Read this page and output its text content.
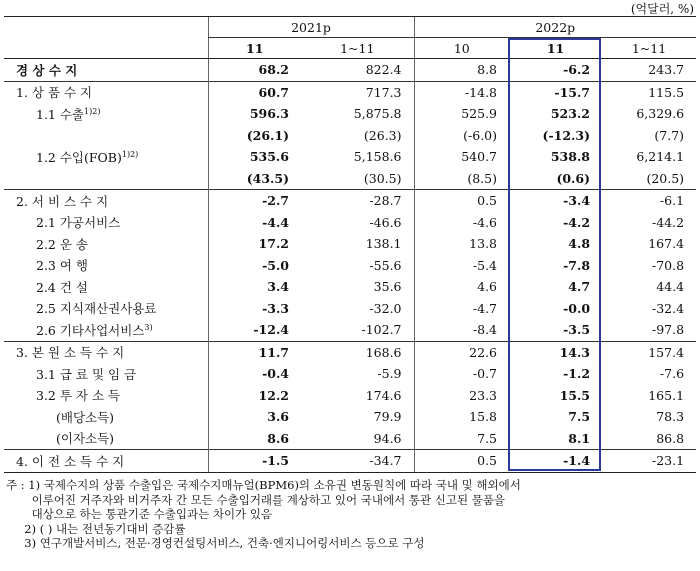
(억달러, %)
	2021p		2022p		
	11	1~11	10	11	1~11
경 상 수 지	68.2	822.4	8.8	-6.2	243.7
1. 상 품 수 지	60.7	717.3	-14.8	-15.7	115.5
1.1 수출$^{1)2)}$	596.3	5,875.8	525.9	523.2	6,329.6
	(26.1)	(26.3)	(-6.0)	(-12.3)	(7.7)
1.2 수입(FOB)$^{1)2)}$	535.6	5,158.6	540.7	538.8	6,214.1
	(43.5)	(30.5)	(8.5)	(0.6)	(20.5)
2. 서 비 스 수 지	-2.7	-28.7	0.5	-3.4	-6.1
2.1 가공서비스	-4.4	-46.6	-4.6	-4.2	-44.2
2.2 운 송	17.2	138.1	13.8	4.8	167.4
2.3 여 행	-5.0	-55.6	-5.4	-7.8	-70.8
2.4 건 설	3.4	35.6	4.6	4.7	44.4
2.5 지식재산권사용료	-3.3	-32.0	-4.7	-0.0	-32.4
2.6 기타사업서비스$^{3)}$	-12.4	-102.7	-8.4	-3.5	-97.8
3. 본 원 소 득 수 지	11.7	168.6	22.6	14.3	157.4
3.1 급 료 및 임 금	-0.4	-5.9	-0.7	-1.2	-7.6
3.2 투 자 소 득	12.2	174.6	23.3	15.5	165.1
(배당소득)	3.6	79.9	15.8	7.5	78.3
(이자소득)	8.6	94.6	7.5	8.1	86.8
4. 이 전 소 득 수 지	-1.5	-34.7	0.5	-1.4	-23.1
주 : 1) 국제수지의 상품 수출입은 국제수지매뉴얼(BPM6)의 소유권 변동원칙에 따라 국내 및 해외에서
이루어진 거주자와 비거주자 간 모든 수출입거래를 계상하고 있어 국내에서 통관 신고된 물품을
대상으로 하는 통관기준 수출입과는 차이가 있음
2) ( ) 내는 전년동기대비 증감률
3) 연구개발서비스, 전문·경영컨설팅서비스, 건축·엔지니어링서비스 등으로 구성
